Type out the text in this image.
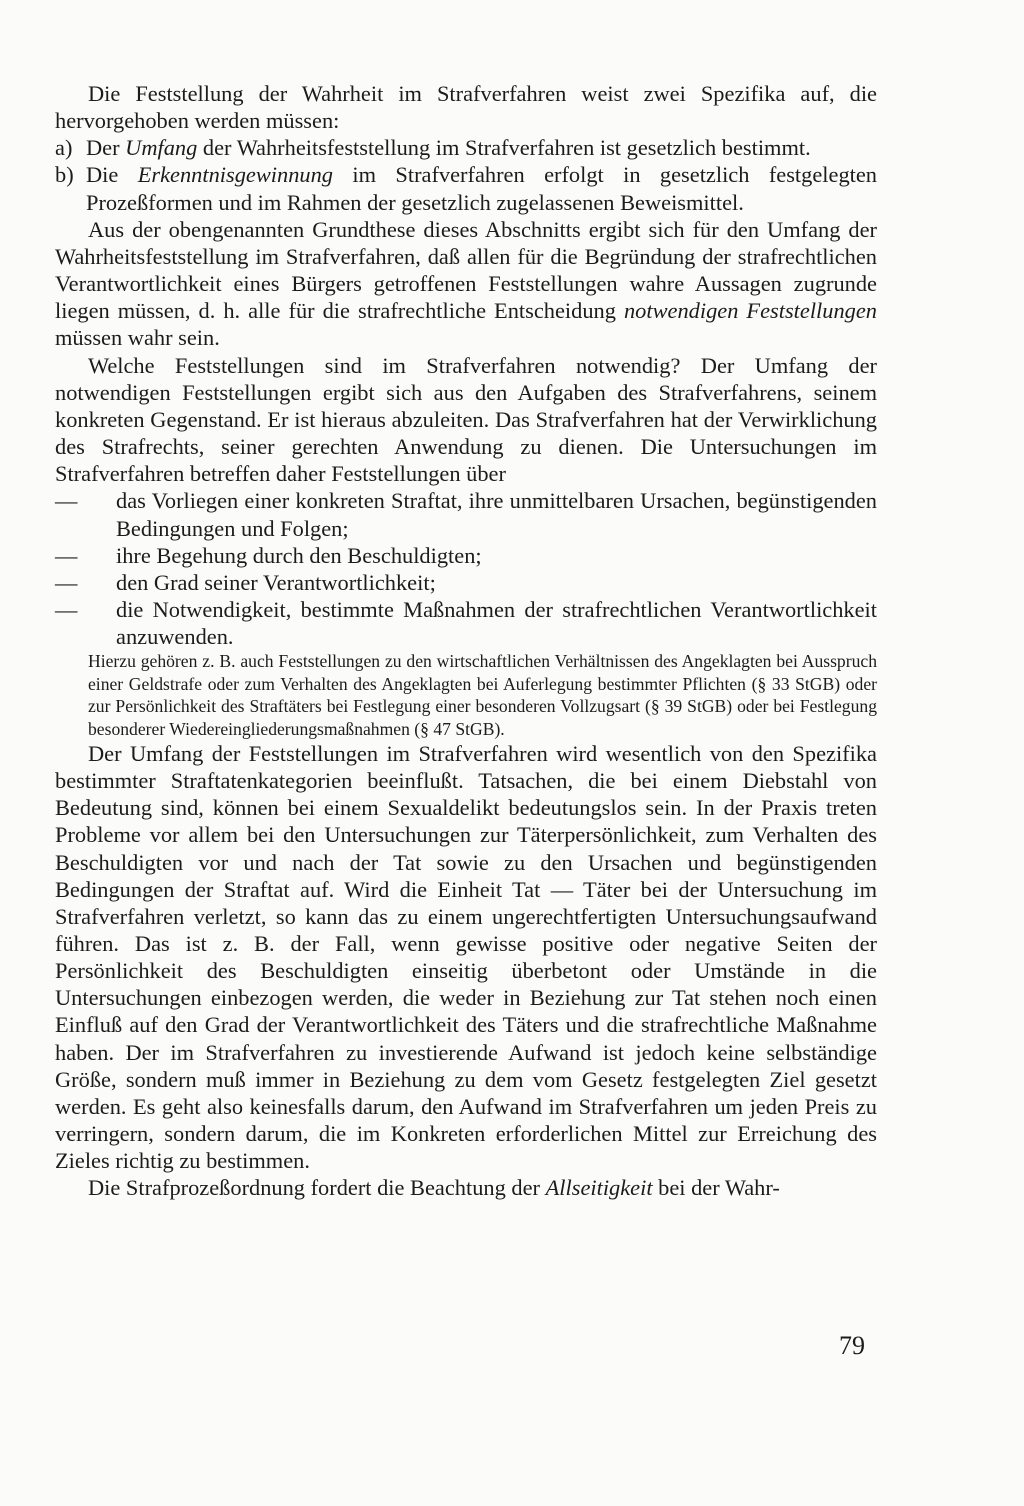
Die Feststellung der Wahrheit im Strafverfahren weist zwei Spezifika auf, die hervorgehoben werden müssen:

a) Der Umfang der Wahrheitsfeststellung im Strafverfahren ist gesetzlich bestimmt.
b) Die Erkenntnisgewinnung im Strafverfahren erfolgt in gesetzlich festgelegten Prozeßformen und im Rahmen der gesetzlich zugelassenen Beweismittel.

Aus der obengenannten Grundthese dieses Abschnitts ergibt sich für den Umfang der Wahrheitsfeststellung im Strafverfahren, daß allen für die Begründung der strafrechtlichen Verantwortlichkeit eines Bürgers getroffenen Feststellungen wahre Aussagen zugrunde liegen müssen, d. h. alle für die strafrechtliche Entscheidung notwendigen Feststellungen müssen wahr sein.

Welche Feststellungen sind im Strafverfahren notwendig? Der Umfang der notwendigen Feststellungen ergibt sich aus den Aufgaben des Strafverfahrens, seinem konkreten Gegenstand. Er ist hieraus abzuleiten. Das Strafverfahren hat der Verwirklichung des Strafrechts, seiner gerechten Anwendung zu dienen. Die Untersuchungen im Strafverfahren betreffen daher Feststellungen über

— das Vorliegen einer konkreten Straftat, ihre unmittelbaren Ursachen, begünstigenden Bedingungen und Folgen;
— ihre Begehung durch den Beschuldigten;
— den Grad seiner Verantwortlichkeit;
— die Notwendigkeit, bestimmte Maßnahmen der strafrechtlichen Verantwortlichkeit anzuwenden.

Hierzu gehören z. B. auch Feststellungen zu den wirtschaftlichen Verhältnissen des Angeklagten bei Ausspruch einer Geldstrafe oder zum Verhalten des Angeklagten bei Auferlegung bestimmter Pflichten (§ 33 StGB) oder zur Persönlichkeit des Straftäters bei Festlegung einer besonderen Vollzugsart (§ 39 StGB) oder bei Festlegung besonderer Wiedereingliederungsmaßnahmen (§ 47 StGB).

Der Umfang der Feststellungen im Strafverfahren wird wesentlich von den Spezifika bestimmter Straftatenkategorien beeinflußt. Tatsachen, die bei einem Diebstahl von Bedeutung sind, können bei einem Sexualdelikt bedeutungslos sein. In der Praxis treten Probleme vor allem bei den Untersuchungen zur Täterpersönlichkeit, zum Verhalten des Beschuldigten vor und nach der Tat sowie zu den Ursachen und begünstigenden Bedingungen der Straftat auf. Wird die Einheit Tat — Täter bei der Untersuchung im Strafverfahren verletzt, so kann das zu einem ungerechtfertigten Untersuchungsaufwand führen. Das ist z. B. der Fall, wenn gewisse positive oder negative Seiten der Persönlichkeit des Beschuldigten einseitig überbetont oder Umstände in die Untersuchungen einbezogen werden, die weder in Beziehung zur Tat stehen noch einen Einfluß auf den Grad der Verantwortlichkeit des Täters und die strafrechtliche Maßnahme haben. Der im Strafverfahren zu investierende Aufwand ist jedoch keine selbständige Größe, sondern muß immer in Beziehung zu dem vom Gesetz festgelegten Ziel gesetzt werden. Es geht also keinesfalls darum, den Aufwand im Strafverfahren um jeden Preis zu verringern, sondern darum, die im Konkreten erforderlichen Mittel zur Erreichung des Zieles richtig zu bestimmen.

Die Strafprozeßordnung fordert die Beachtung der Allseitigkeit bei der Wahr-

79
